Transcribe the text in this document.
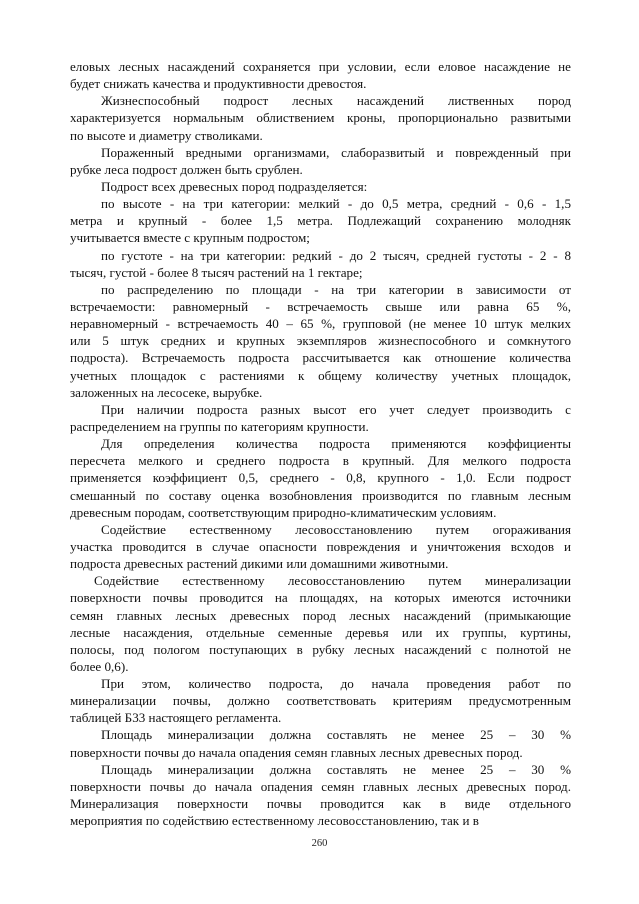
еловых лесных насаждений сохраняется при условии, если еловое насаждение не
будет снижать качества и продуктивности древостоя.
Жизнеспособный подрост лесных насаждений лиственных пород
характеризуется нормальным облиствением кроны, пропорционально развитыми
по высоте и диаметру стволиками.
Пораженный вредными организмами, слаборазвитый и поврежденный при
рубке леса подрост должен быть срублен.
Подрост всех древесных пород подразделяется:
по высоте - на три категории: мелкий - до 0,5 метра, средний - 0,6 - 1,5
метра и крупный - более 1,5 метра. Подлежащий сохранению молодняк
учитывается вместе с крупным подростом;
по густоте - на три категории: редкий - до 2 тысяч, средней густоты - 2 - 8
тысяч, густой - более 8 тысяч растений на 1 гектаре;
по распределению по площади - на три категории в зависимости от
встречаемости: равномерный - встречаемость свыше или равна 65 %,
неравномерный - встречаемость 40 – 65 %, групповой (не менее 10 штук мелких
или 5 штук средних и крупных экземпляров жизнеспособного и сомкнутого
подроста). Встречаемость подроста рассчитывается как отношение количества
учетных площадок с растениями к общему количеству учетных площадок,
заложенных на лесосеке, вырубке.
При наличии подроста разных высот его учет следует производить с
распределением на группы по категориям крупности.
Для определения количества подроста применяются коэффициенты
пересчета мелкого и среднего подроста в крупный. Для мелкого подроста
применяется коэффициент 0,5, среднего - 0,8, крупного - 1,0. Если подрост
смешанный по составу оценка возобновления производится по главным лесным
древесным породам, соответствующим природно-климатическим условиям.
Содействие естественному лесовосстановлению путем огораживания
участка проводится в случае опасности повреждения и уничтожения всходов и
подроста древесных растений дикими или домашними животными.
Содействие естественному лесовосстановлению путем минерализации
поверхности почвы проводится на площадях, на которых имеются источники
семян главных лесных древесных пород лесных насаждений (примыкающие
лесные насаждения, отдельные семенные деревья или их группы, куртины,
полосы, под пологом поступающих в рубку лесных насаждений с полнотой не
более 0,6).
При этом, количество подроста, до начала проведения работ по
минерализации почвы, должно соответствовать критериям предусмотренным
таблицей Б33 настоящего регламента.
Площадь минерализации должна составлять не менее 25 – 30 %
поверхности почвы до начала опадения семян главных лесных древесных пород.
Площадь минерализации должна составлять не менее 25 – 30 %
поверхности почвы до начала опадения семян главных лесных древесных пород.
Минерализация поверхности почвы проводится как в виде отдельного
мероприятия по содействию естественному лесовосстановлению, так и в
260
